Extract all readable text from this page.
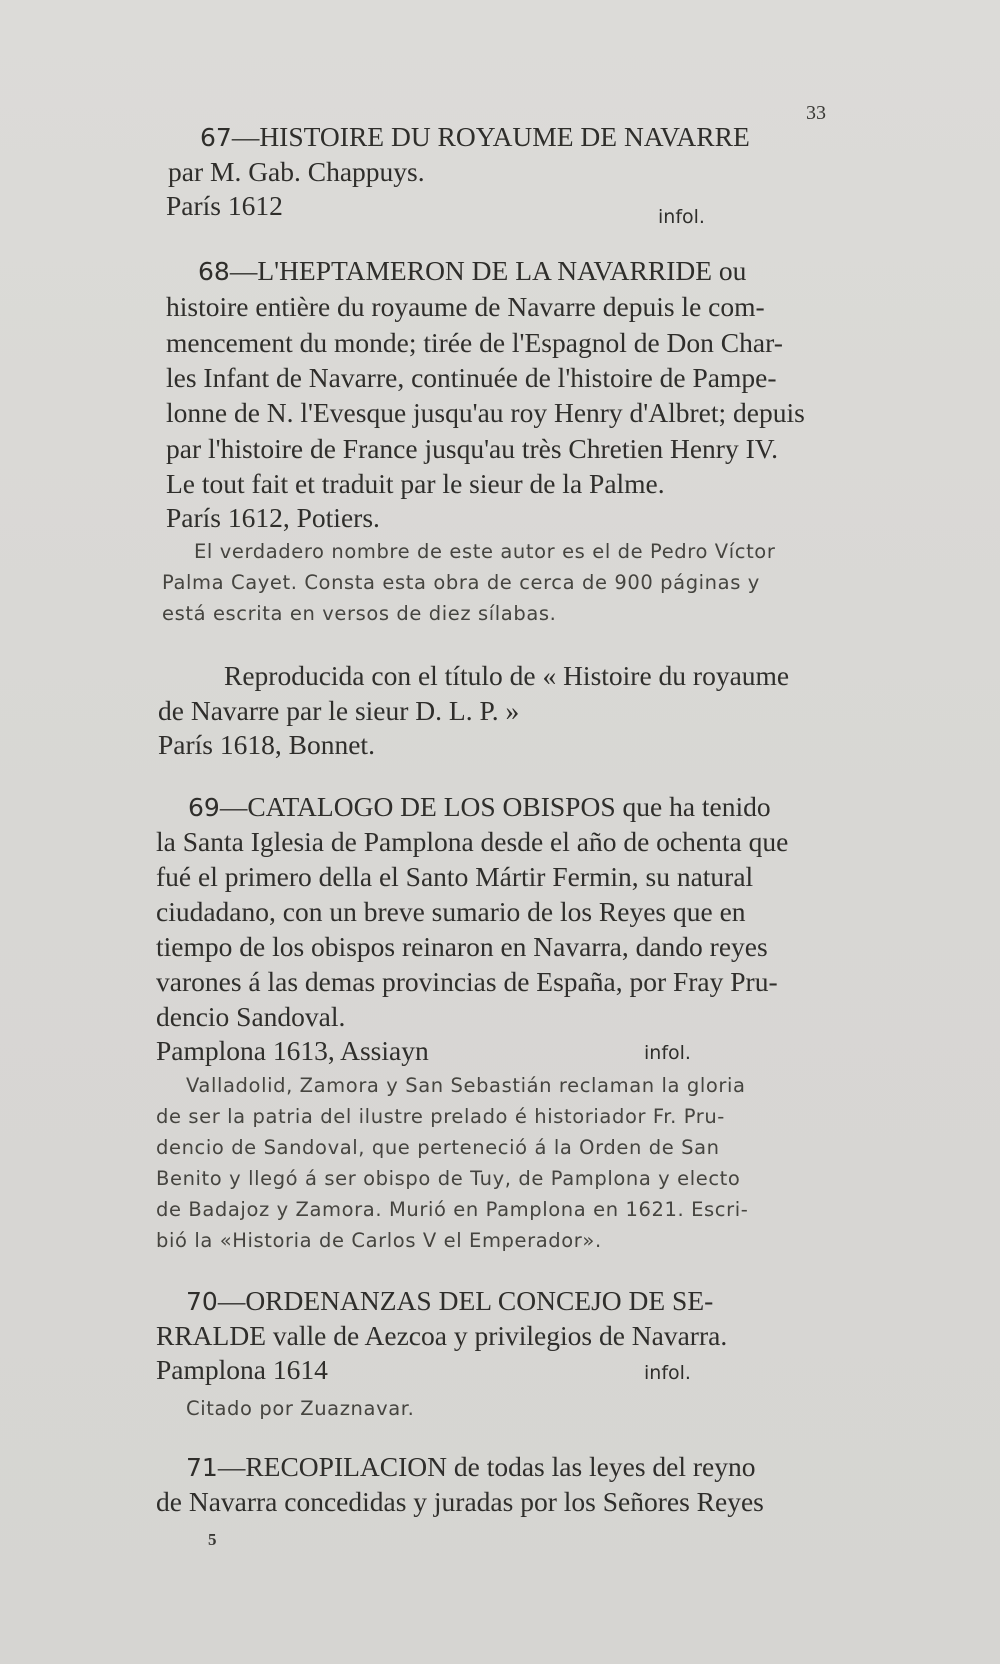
33
67—HISTOIRE DU ROYAUME DE NAVARRE
par M. Gab. Chappuys.
París 1612	infol.
68—L'HEPTAMERON DE LA NAVARRIDE ou
histoire entière du royaume de Navarre depuis le com-
mencement du monde; tirée de l'Espagnol de Don Char-
les Infant de Navarre, continuée de l'histoire de Pampe-
lonne de N. l'Evesque jusqu'au roy Henry d'Albret; depuis
par l'histoire de France jusqu'au très Chretien Henry IV.
Le tout fait et traduit par le sieur de la Palme.
París 1612, Potiers.
El verdadero nombre de este autor es el de Pedro Víctor
Palma Cayet. Consta esta obra de cerca de 900 páginas y
está escrita en versos de diez sílabas.
Reproducida con el título de « Histoire du royaume
de Navarre par le sieur D. L. P. »
París 1618, Bonnet.
69—CATALOGO DE LOS OBISPOS que ha tenido
la Santa Iglesia de Pamplona desde el año de ochenta que
fué el primero della el Santo Mártir Fermin, su natural
ciudadano, con un breve sumario de los Reyes que en
tiempo de los obispos reinaron en Navarra, dando reyes
varones á las demas provincias de España, por Fray Pru-
dencio Sandoval.
Pamplona 1613, Assiayn	infol.
Valladolid, Zamora y San Sebastián reclaman la gloria
de ser la patria del ilustre prelado é historiador Fr. Pru-
dencio de Sandoval, que perteneció á la Orden de San
Benito y llegó á ser obispo de Tuy, de Pamplona y electo
de Badajoz y Zamora. Murió en Pamplona en 1621. Escri-
bió la «Historia de Carlos V el Emperador».
70—ORDENANZAS DEL CONCEJO DE SE-
RRALDE valle de Aezcoa y privilegios de Navarra.
Pamplona 1614	infol.
Citado por Zuaznavar.
71—RECOPILACION de todas las leyes del reyno
de Navarra concedidas y juradas por los Señores Reyes
5
